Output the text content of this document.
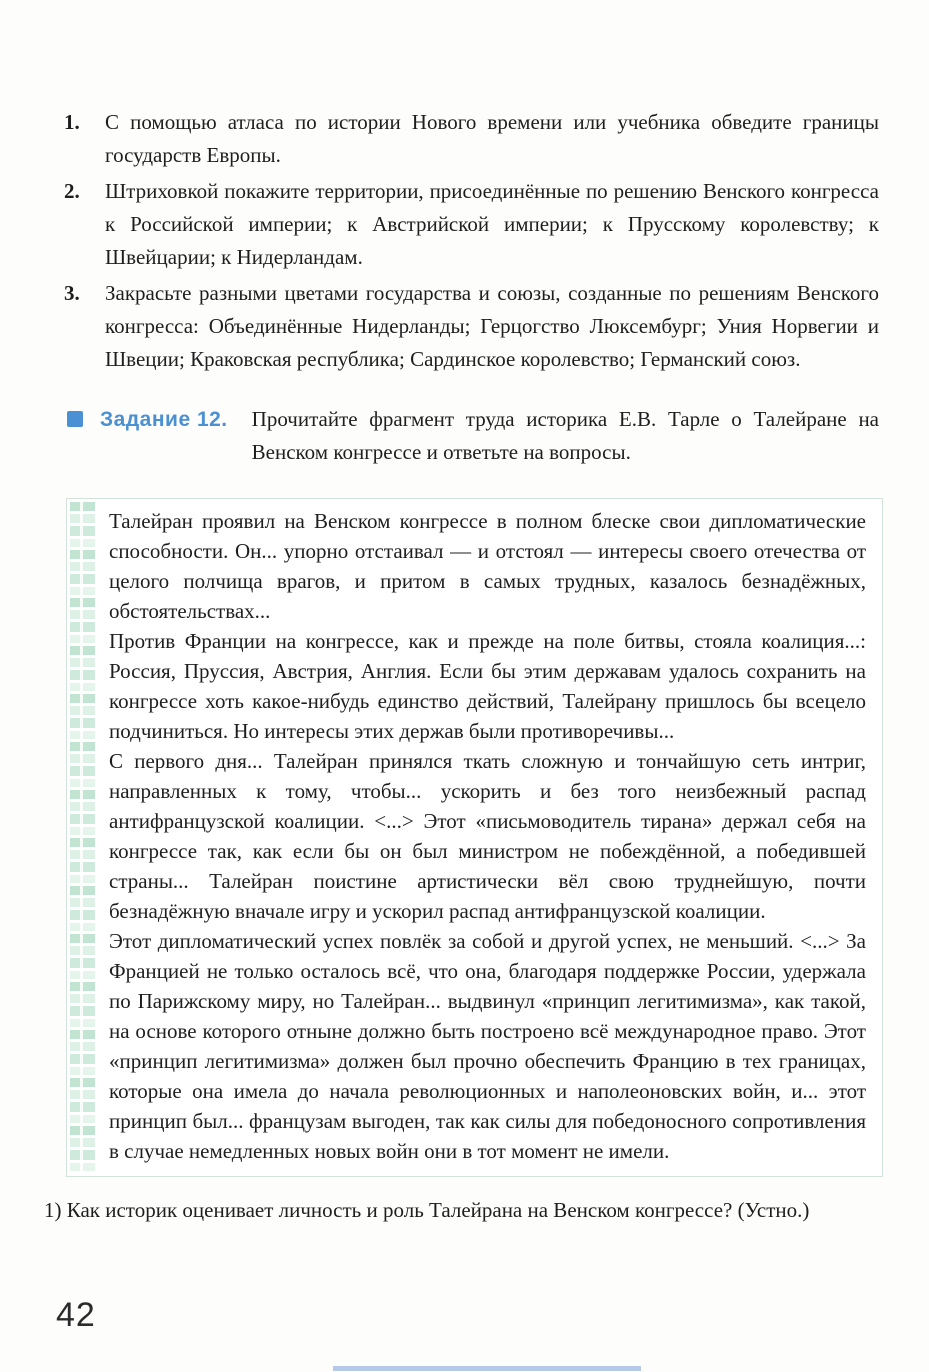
1.	С помощью атласа по истории Нового времени или учебника обведите границы государств Европы.
2.	Штриховкой покажите территории, присоединённые по решению Венского конгресса к Российской империи; к Австрийской империи; к Прусскому королевству; к Швейцарии; к Нидерландам.
3.	Закрасьте разными цветами государства и союзы, созданные по решениям Венского конгресса: Объединённые Нидерланды; Герцогство Люксембург; Уния Норвегии и Швеции; Краковская республика; Сардинское королевство; Германский союз.
Задание 12. Прочитайте фрагмент труда историка Е.В. Тарле о Талейране на Венском конгрессе и ответьте на вопросы.

Талейран проявил на Венском конгрессе в полном блеске свои дипломатические способности. Он... упорно отстаивал — и отстоял — интересы своего отечества от целого полчища врагов, и притом в самых трудных, казалось безнадёжных, обстоятельствах...

Против Франции на конгрессе, как и прежде на поле битвы, стояла коалиция...: Россия, Пруссия, Австрия, Англия. Если бы этим державам удалось сохранить на конгрессе хоть какое-нибудь единство действий, Талейрану пришлось бы всецело подчиниться. Но интересы этих держав были противоречивы...

С первого дня... Талейран принялся ткать сложную и тончайшую сеть интриг, направленных к тому, чтобы... ускорить и без того неизбежный распад антифранцузской коалиции. <...> Этот «письмоводитель тирана» держал себя на конгрессе так, как если бы он был министром не побеждённой, а победившей страны... Талейран поистине артистически вёл свою труднейшую, почти безнадёжную вначале игру и ускорил распад антифранцузской коалиции.

Этот дипломатический успех повлёк за собой и другой успех, не меньший. <...> За Францией не только осталось всё, что она, благодаря поддержке России, удержала по Парижскому миру, но Талейран... выдвинул «принцип легитимизма», как такой, на основе которого отныне должно быть построено всё международное право. Этот «принцип легитимизма» должен был прочно обеспечить Францию в тех границах, которые она имела до начала революционных и наполеоновских войн, и... этот принцип был... французам выгоден, так как силы для победоносного сопротивления в случае немедленных новых войн они в тот момент не имели.

1) Как историк оценивает личность и роль Талейрана на Венском конгрессе? (Устно.)
42
